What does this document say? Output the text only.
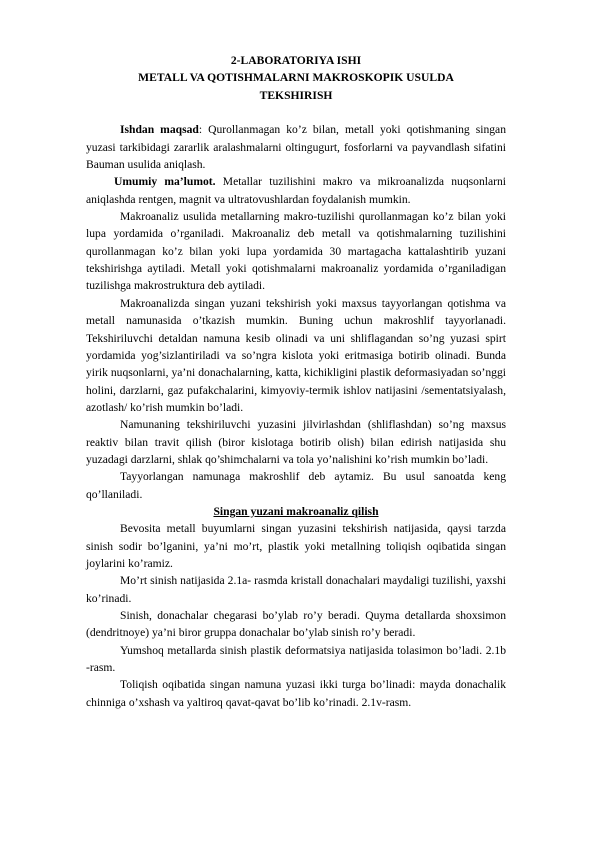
2-LABORATORIYA ISHI
METALL VA QOTISHMALARNI MAKROSKOPIK USULDA
TEKSHIRISH

Ishdan maqsad: Qurollanmagan ko’z bilan, metall yoki qotishmaning singan yuzasi tarkibidagi zararlik aralashmalarni oltingugurt, fosforlarni va payvandlash sifatini Bauman usulida aniqlash.

Umumiy ma’lumot. Metallar tuzilishini makro va mikroanalizda nuqsonlarni aniqlashda rentgen, magnit va ultratovushlardan foydalanish mumkin.

Makroanaliz usulida metallarning makro-tuzilishi qurollanmagan ko’z bilan yoki lupa yordamida o’rganiladi. Makroanaliz deb metall va qotishmalarning tuzilishini qurollanmagan ko’z bilan yoki lupa yordamida 30 martagacha kattalashtirib yuzani tekshirishga aytiladi. Metall yoki qotishmalarni makroanaliz yordamida o’rganiladigan tuzilishga makrostruktura deb aytiladi.

Makroanalizda singan yuzani tekshirish yoki maxsus tayyorlangan qotishma va metall namunasida o’tkazish mumkin. Buning uchun makroshlif tayyorlanadi. Tekshiriluvchi detaldan namuna kesib olinadi va uni shliflagandan so’ng yuzasi spirt yordamida yog’sizlantiriladi va so’ngra kislota yoki eritmasiga botirib olinadi. Bunda yirik nuqsonlarni, ya’ni donachalarning, katta, kichikligini plastik deformasiyadan so’nggi holini, darzlarni, gaz pufakchalarini, kimyoviy-termik ishlov natijasini /sementatsiyalash, azotlash/ ko’rish mumkin bo’ladi.

Namunaning tekshiriluvchi yuzasini jilvirlashdan (shliflashdan) so’ng maxsus reaktiv bilan travit qilish (biror kislotaga botirib olish) bilan edirish natijasida shu yuzadagi darzlarni, shlak qo’shimchalarni va tola yo’nalishini ko’rish mumkin bo’ladi.

Tayyorlangan namunaga makroshlif deb aytamiz. Bu usul sanoatda keng qo’llaniladi.

Singan yuzani makroanaliz qilish

Bevosita metall buyumlarni singan yuzasini tekshirish natijasida, qaysi tarzda sinish sodir bo’lganini, ya’ni mo’rt, plastik yoki metallning toliqish oqibatida singan joylarini ko’ramiz.

Mo’rt sinish natijasida 2.1a- rasmda kristall donachalari maydaligi tuzilishi, yaxshi ko’rinadi.

Sinish, donachalar chegarasi bo’ylab ro’y beradi. Quyma detallarda shoxsimon (dendritnoye) ya’ni biror gruppa donachalar bo’ylab sinish ro’y beradi.

Yumshoq metallarda sinish plastik deformatsiya natijasida tolasimon bo’ladi. 2.1b -rasm.

Toliqish oqibatida singan namuna yuzasi ikki turga bo’linadi: mayda donachalik chinniga o’xshash va yaltiroq qavat-qavat bo’lib ko’rinadi. 2.1v-rasm.
